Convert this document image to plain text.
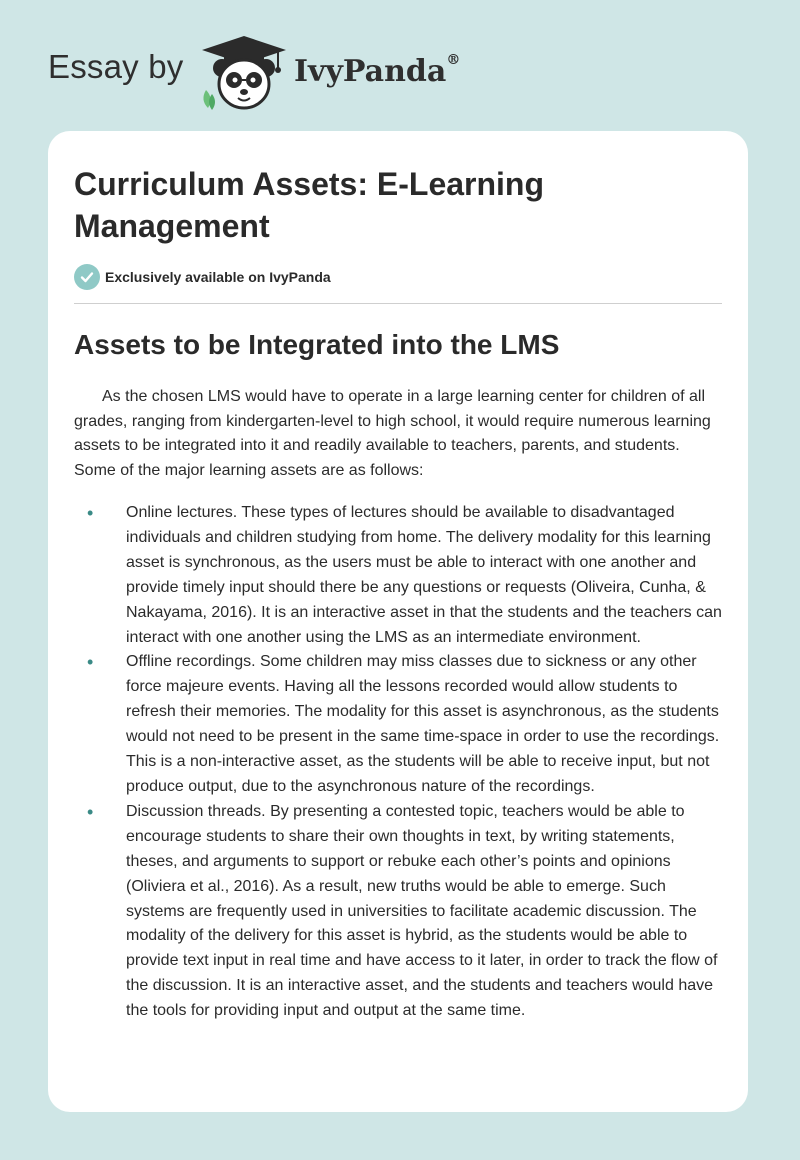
Essay by	IvyPanda®
Curriculum Assets: E-Learning Management
Exclusively available on IvyPanda
Assets to be Integrated into the LMS

As the chosen LMS would have to operate in a large learning center for children of all grades, ranging from kindergarten-level to high school, it would require numerous learning assets to be integrated into it and readily available to teachers, parents, and students. Some of the major learning assets are as follows:

• Online lectures. These types of lectures should be available to disadvantaged individuals and children studying from home. The delivery modality for this learning asset is synchronous, as the users must be able to interact with one another and provide timely input should there be any questions or requests (Oliveira, Cunha, & Nakayama, 2016). It is an interactive asset in that the students and the teachers can interact with one another using the LMS as an intermediate environment.
• Offline recordings. Some children may miss classes due to sickness or any other force majeure events. Having all the lessons recorded would allow students to refresh their memories. The modality for this asset is asynchronous, as the students would not need to be present in the same time-space in order to use the recordings. This is a non-interactive asset, as the students will be able to receive input, but not produce output, due to the asynchronous nature of the recordings.
• Discussion threads. By presenting a contested topic, teachers would be able to encourage students to share their own thoughts in text, by writing statements, theses, and arguments to support or rebuke each other’s points and opinions (Oliviera et al., 2016). As a result, new truths would be able to emerge. Such systems are frequently used in universities to facilitate academic discussion. The modality of the delivery for this asset is hybrid, as the students would be able to provide text input in real time and have access to it later, in order to track the flow of the discussion. It is an interactive asset, and the students and teachers would have the tools for providing input and output at the same time.
